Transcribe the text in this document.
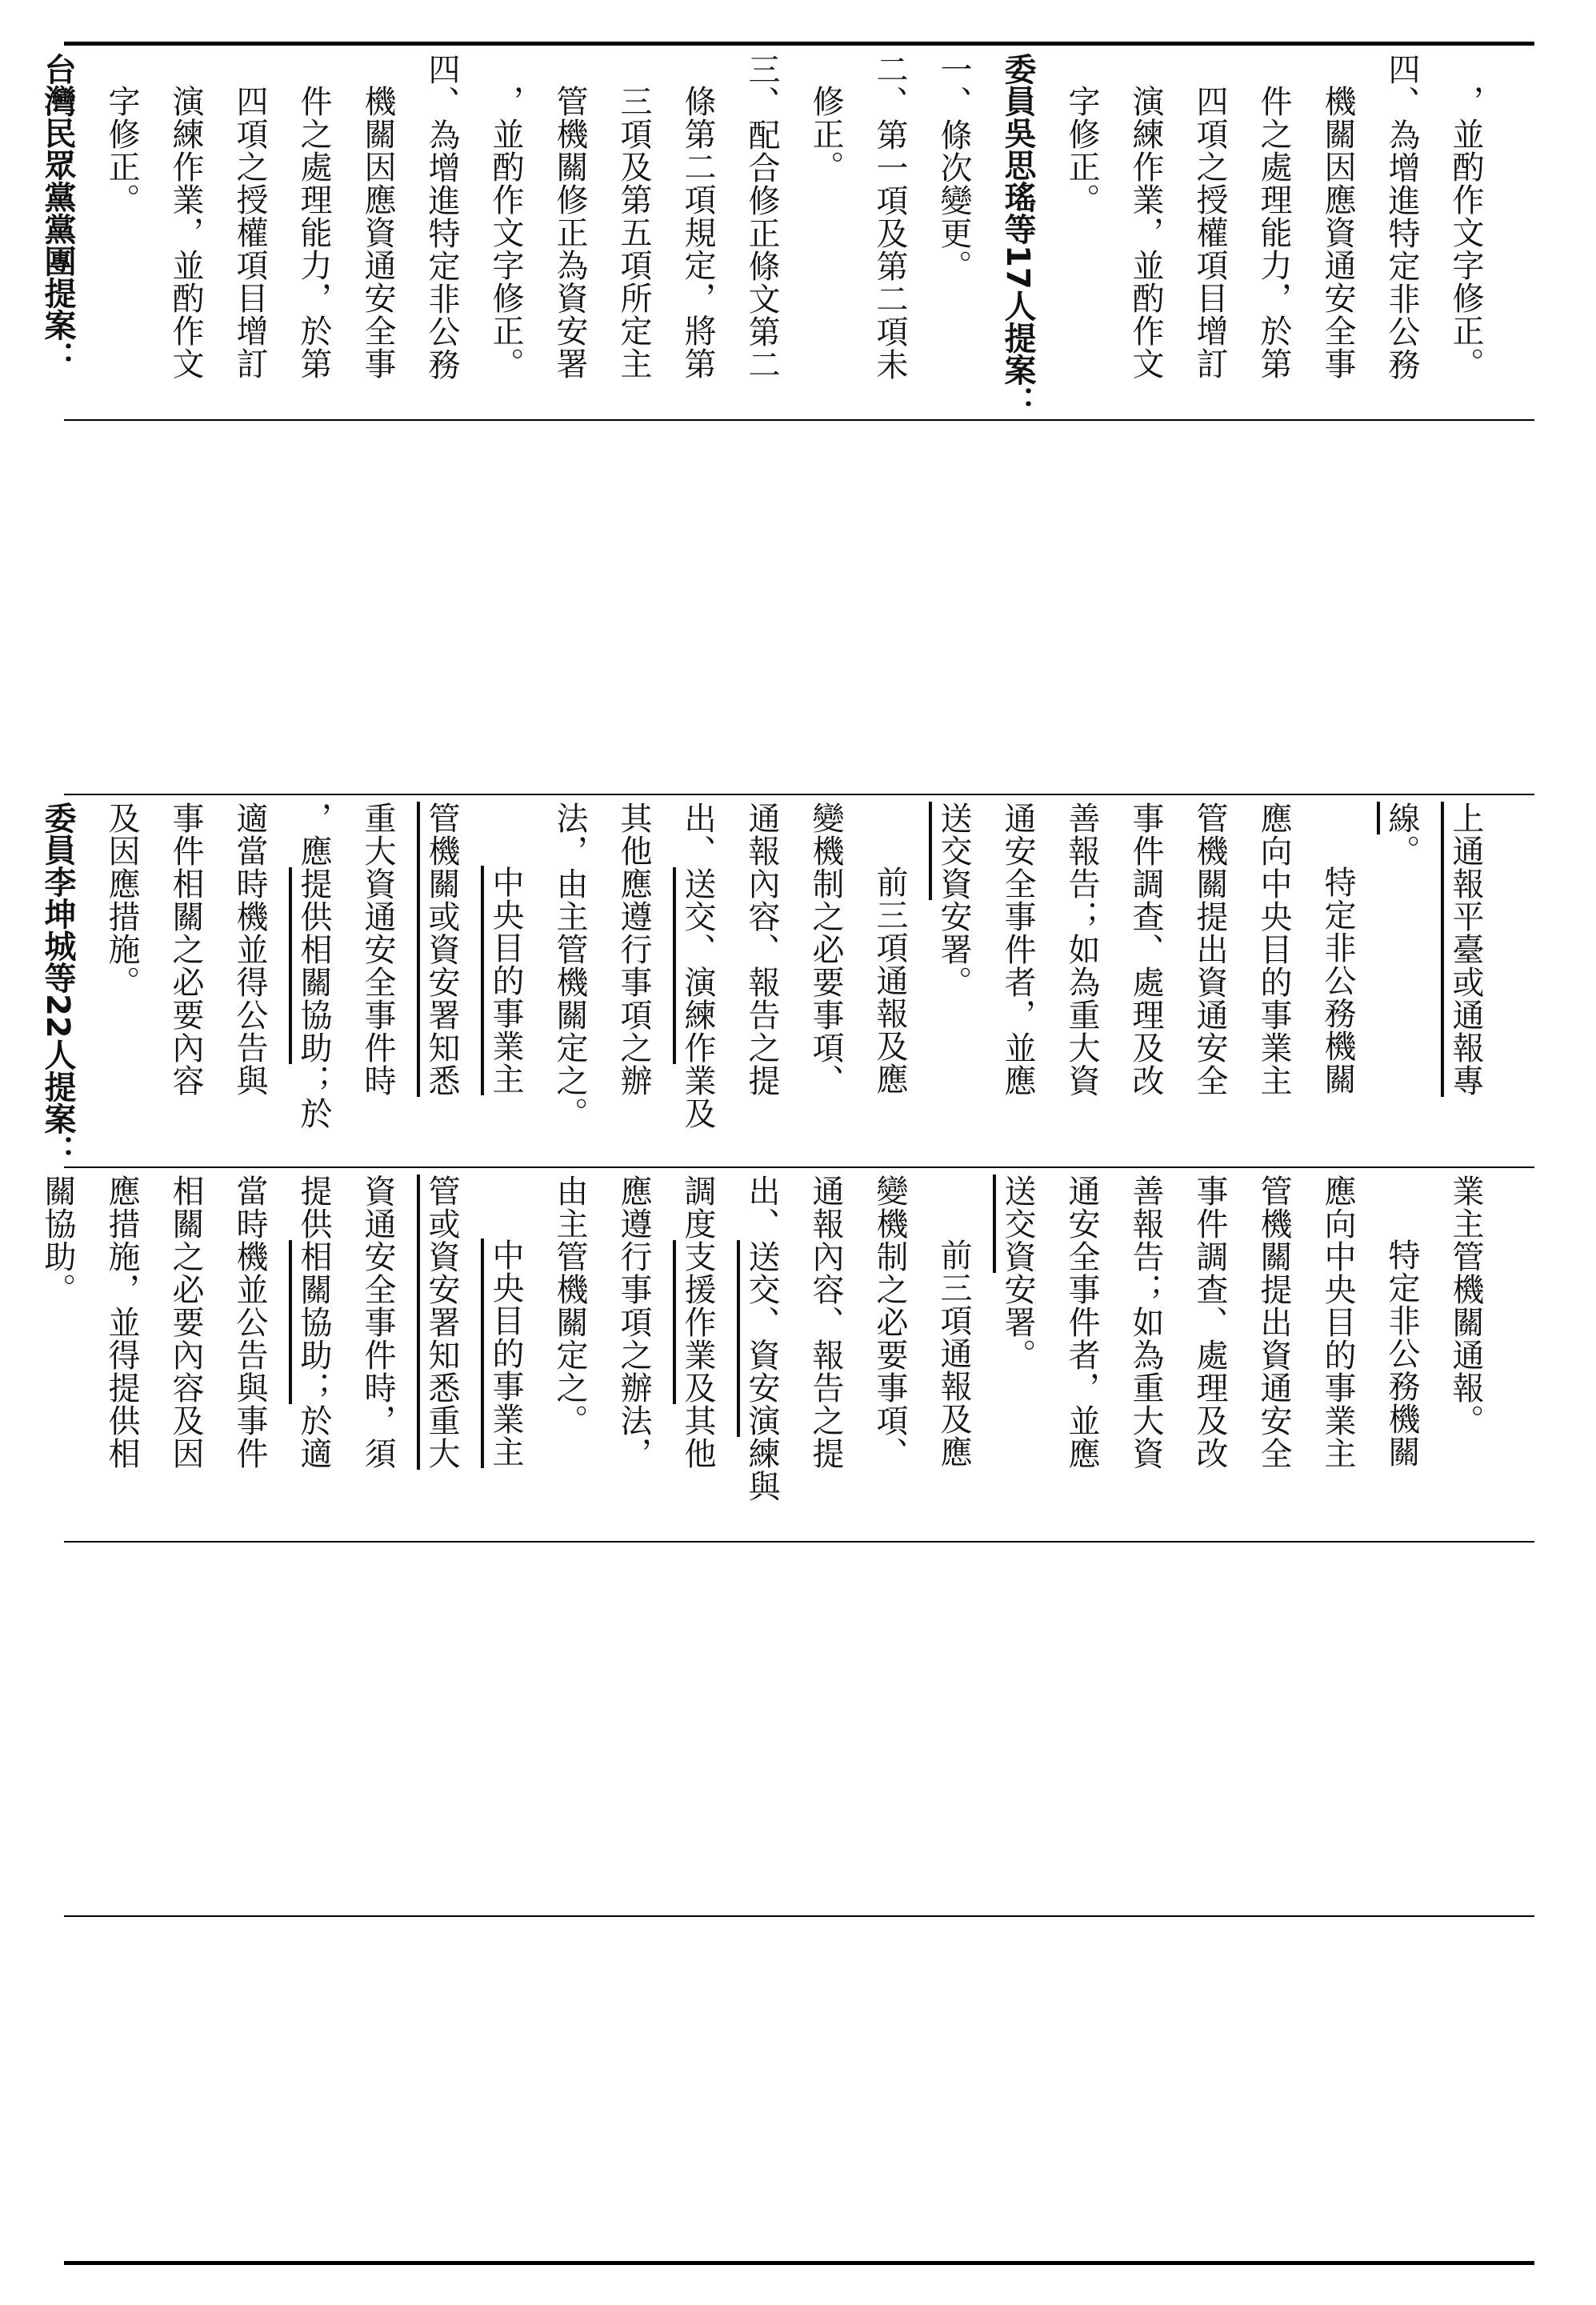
，並酌作文字修正。
四、為增進特定非公務
機關因應資通安全事
件之處理能力，於第
四項之授權項目增訂
演練作業，並酌作文
字修正。
委員吳思瑤等17人提案：
一、條次變更。
二、第一項及第二項未
修正。
三、配合修正條文第二
條第二項規定，將第
三項及第五項所定主
管機關修正為資安署
，並酌作文字修正。
四、為增進特定非公務
機關因應資通安全事
件之處理能力，於第
四項之授權項目增訂
演練作業，並酌作文
字修正。
台灣民眾黨黨團提案：
上通報平臺或通報專
線。
特定非公務機關
應向中央目的事業主
管機關提出資通安全
事件調查、處理及改
善報告；如為重大資
通安全事件者，並應
送交資安署。
前三項通報及應
變機制之必要事項、
通報內容、報告之提
出、送交、演練作業及
其他應遵行事項之辦
法，由主管機關定之。
中央目的事業主
管機關或資安署知悉
重大資通安全事件時
，應提供相關協助；於
適當時機並得公告與
事件相關之必要內容
及因應措施。
委員李坤城等22人提案：
業主管機關通報。
特定非公務機關
應向中央目的事業主
管機關提出資通安全
事件調查、處理及改
善報告；如為重大資
通安全事件者，並應
送交資安署。
前三項通報及應
變機制之必要事項、
通報內容、報告之提
出、送交、資安演練與
調度支援作業及其他
應遵行事項之辦法，
由主管機關定之。
中央目的事業主
管或資安署知悉重大
資通安全事件時，須
提供相關協助；於適
當時機並公告與事件
相關之必要內容及因
應措施，並得提供相
關協助。
